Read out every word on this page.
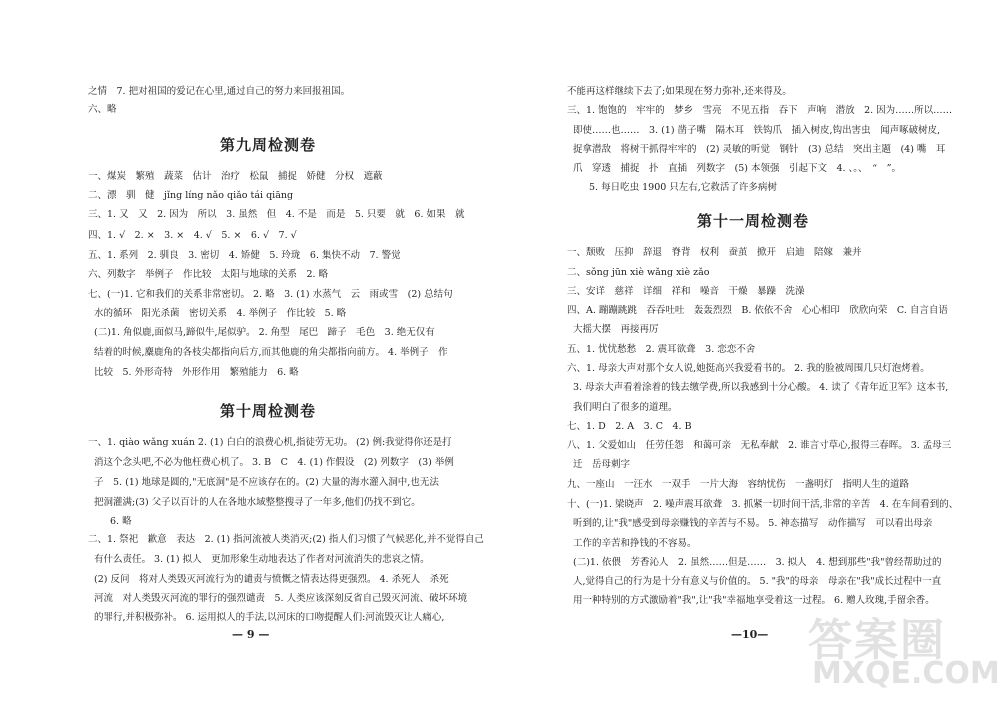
之情　7. 把对祖国的爱记在心里,通过自己的努力来回报祖国。
六、略
第九周检测卷
一、煤炭　繁殖　蔬菜　估计　治疗　松鼠　捕捉　娇健　分权　遮蔽
二、漂　驯　健　jǐng líng nǎo qiǎo tái qiāng
三、1. 又　又　2. 因为　所以　3. 虽然　但　4. 不是　而是　5. 只要　就　6. 如果　就
四、1. √　2. ×　3. ×　4. √　5. ×　6. √　7. √
五、1. 系列　2. 驯良　3. 密切　4. 矫健　5. 玲珑　6. 集快不动　7. 警觉
六、列数字　举例子　作比较　太阳与地球的关系　2. 略
七、(一)1. 它和我们的关系非常密切。 2. 略　3. (1) 水蒸气　云　雨或雪　(2) 总结句
水的循环　阳光杀菌　密切关系　4. 举例子　作比较　5. 略
(二)1. 角似鹿,面似马,蹄似牛,尾似驴。 2. 角型　尾巴　蹄子　毛色　3. 绝无仅有
结着的时候,麋鹿角的各枝尖都指向后方,而其他鹿的角尖都指向前方。 4. 举例子　作
比较　5. 外形奇特　外形作用　繁殖能力　6. 略
第十周检测卷
一、1. qiào wǎng xuán 2. (1) 白白的浪费心机,指徒劳无功。 (2) 例:我觉得你还是打
消这个念头吧,不必为他枉费心机了。 3. B　C　4. (1) 作假设　(2) 列数字　(3) 举例
子　5. (1) 地球是圆的,"无底洞"是不应该存在的。(2) 大量的海水灌入洞中,也无法
把洞灌满;(3) 父子以百计的人在各地水域整整搜寻了一年多,他们仍找不到它。
6. 略
二、1. 祭祀　歉意　表达　2. (1) 指河流被人类消灭;(2) 指人们习惯了气候恶化,并不觉得自己
有什么责任。 3. (1) 拟人　更加形象生动地表达了作者对河流消失的悲哀之情。
(2) 反问　将对人类毁灭河流行为的谴责与愤慨之情表达得更强烈。 4. 杀死人　杀死
河流　对人类毁灭河流的罪行的强烈谴责　5. 人类应该深刻反省自己毁灭河流、破坏环境
的罪行,并积极弥补。 6. 运用拟人的手法,以河床的口吻提醒人们:河流毁灭让人痛心,
— 9 —
不能再这样继续下去了;如果现在努力弥补,还来得及。
三、1. 饱饱的　牢牢的　梦乡　雪亮　不见五指　吞下　声响　潜放　2. 因为……所以……
即使……也……　3. (1) 凿子嘴　隔木耳　铁钩爪　插入树皮,钩出害虫　闻声啄破树皮,
捉拿潜敌　将树干抓得牢牢的　(2) 灵敏的听觉　钢针　(3) 总结　突出主题　(4) 嘴　耳
爪　穿透　捕捉　扑　直插　列数字　(5) 本领强　引起下文　4. 、。、　“　”。
5. 每日吃虫 1900 只左右,它救活了许多病树
第十一周检测卷
一、颓败　压抑　辞退　脊背　权利　蚕茧　掀开　启迪　陪嫁　兼并
二、sǒng jūn xiè wǎng xiè zǎo
三、安详　慈祥　详细　祥和　噪音　干燥　暴躁　洗澡
四、A. 蹦蹦跳跳　吞吞吐吐　轰轰烈烈　B. 依依不舍　心心相印　欣欣向荣　C. 自言自语
大摇大摆　再接再厉
五、1. 忧忧愁愁　2. 震耳欲聋　3. 恋恋不舍
六、1. 母亲大声对那个女人说,她挺高兴我爱看书的。 2. 我的脸被周围几只灯泡烤着。
3. 母亲大声看着涂着的钱去缴学费,所以我感到十分心酸。 4. 读了《青年近卫军》这本书,
我们明白了很多的道理。
七、1. D　2. A　3. C　4. B
八、1. 父爱如山　任劳任怨　和蔼可亲　无私奉献　2. 谁言寸草心,报得三春晖。 3. 孟母三
迁　岳母刺字
九、一座山　一汪水　一双手　一片大海　容纳忧伤　一盏明灯　指明人生的道路
十、(一)1. 梁晓声　2. 噪声震耳欲聋　3. 抓紧一切时间干活,非常的辛苦　4. 在车间看到的、
听到的,让"我"感受到母亲赚钱的辛苦与不易。 5. 神态描写　动作描写　可以看出母亲
工作的辛苦和挣钱的不容易。
(二)1. 依偎　芳香沁人　2. 虽然……但是……　3. 拟人　4. 想到那些"我"曾经帮助过的
人,觉得自己的行为是十分有意义与价值的。 5. "我"的母亲　母亲在"我"成长过程中一直
用一种特别的方式激励着"我",让"我"幸福地享受着这一过程。 6. 赠人玫瑰,手留余香。
—10— 答案圈
MXQE.COM
